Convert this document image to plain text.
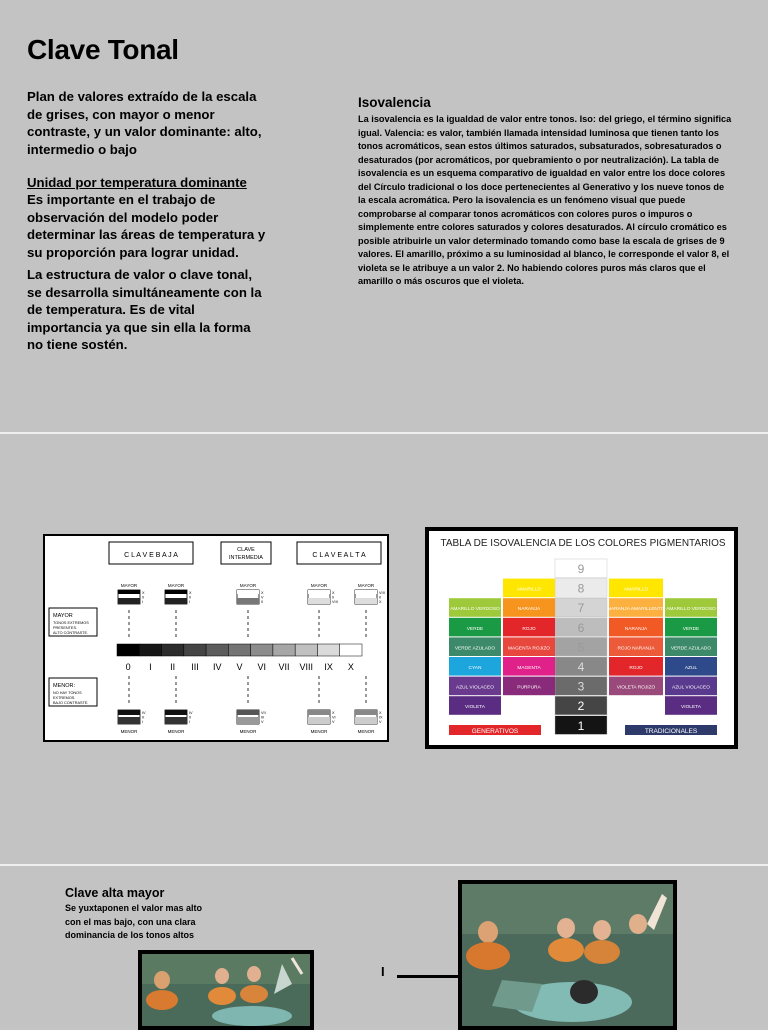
Clave Tonal
Plan de valores extraído de la escala de grises, con mayor o menor contraste, y un valor dominante: alto, intermedio o bajo
Unidad por temperatura dominante
Es importante en el trabajo de observación del modelo poder determinar las áreas de temperatura y su proporción para lograr unidad.
La estructura de valor o clave tonal, se desarrolla simultáneamente con la de temperatura. Es de vital importancia ya que sin ella la forma no tiene sostén.
Isovalencia
La isovalencia es la igualdad de valor entre tonos. Iso: del griego, el término significa igual. Valencia: es valor, también llamada intensidad luminosa que tienen tanto los tonos acromáticos, sean estos últimos saturados, subsaturados, sobresaturados o desaturados (por acromáticos, por quebramiento o por neutralización). La tabla de isovalencia es un esquema comparativo de igualdad en valor entre los doce colores del Círculo tradicional o los doce pertenecientes al Generativo y los nueve tonos de la escala acromática. Pero la isovalencia es un fenómeno visual que puede comprobarse al comparar tonos acromáticos con colores puros o impuros o simplemente entre colores saturados y colores desaturados. Al círculo cromático es posible atribuirle un valor determinado tomando como base la escala de grises de 9 valores. El amarillo, próximo a su luminosidad al blanco, le corresponde el valor 8, el violeta se le atribuye a un valor 2. No habiendo colores puros más claros que el amarillo o más oscuros que el violeta.
C L A V E B A J A
CLAVE
INTERMEDIA	C L A V E A L T A
MAYOR
TONOS EXTREMOS
PRESENTES.
ALTO CONTRASTE.
MENOR:
NO HAY TONOS
EXTREMOS.
BAJO CONTRASTE.
0 I II III IV V VI VII VIII IX X
MAYOR
X
0
I
IV
0
I
MENOR
MAYOR
X
0
I
IV
0
I
MENOR
MAYOR
X
V
0
VII
III
V
MENOR
MAYOR
X
0
VIII
X
VI
V
MENOR
MAYOR
VIII
0
X
X
IX
V
MENOR
TABLA DE ISOVALENCIA DE LOS COLORES PIGMENTARIOS
9
8
7
6
5
4
3
2
1
AMARILLO VERDOSO
VERDE
VERDE AZULADO
CYAN
AZUL VIOLACEO
VIOLETA
AMARILLO
NARANJA
ROJO
MAGENTA ROJIZO
MAGENTA
PURPURA
AMARILLO
NARANJA AMARILLENTO
NARANJA
ROJO NARANJA
ROJO
VIOLETA ROJIZO
AMARILLO VERDOSO
VERDE
VERDE AZULADO
AZUL
AZUL VIOLACEO
VIOLETA
GENERATIVOS	TRADICIONALES
Clave alta mayor
Se yuxtaponen el valor mas alto con el mas bajo, con una clara dominancia de los tonos altos
I
